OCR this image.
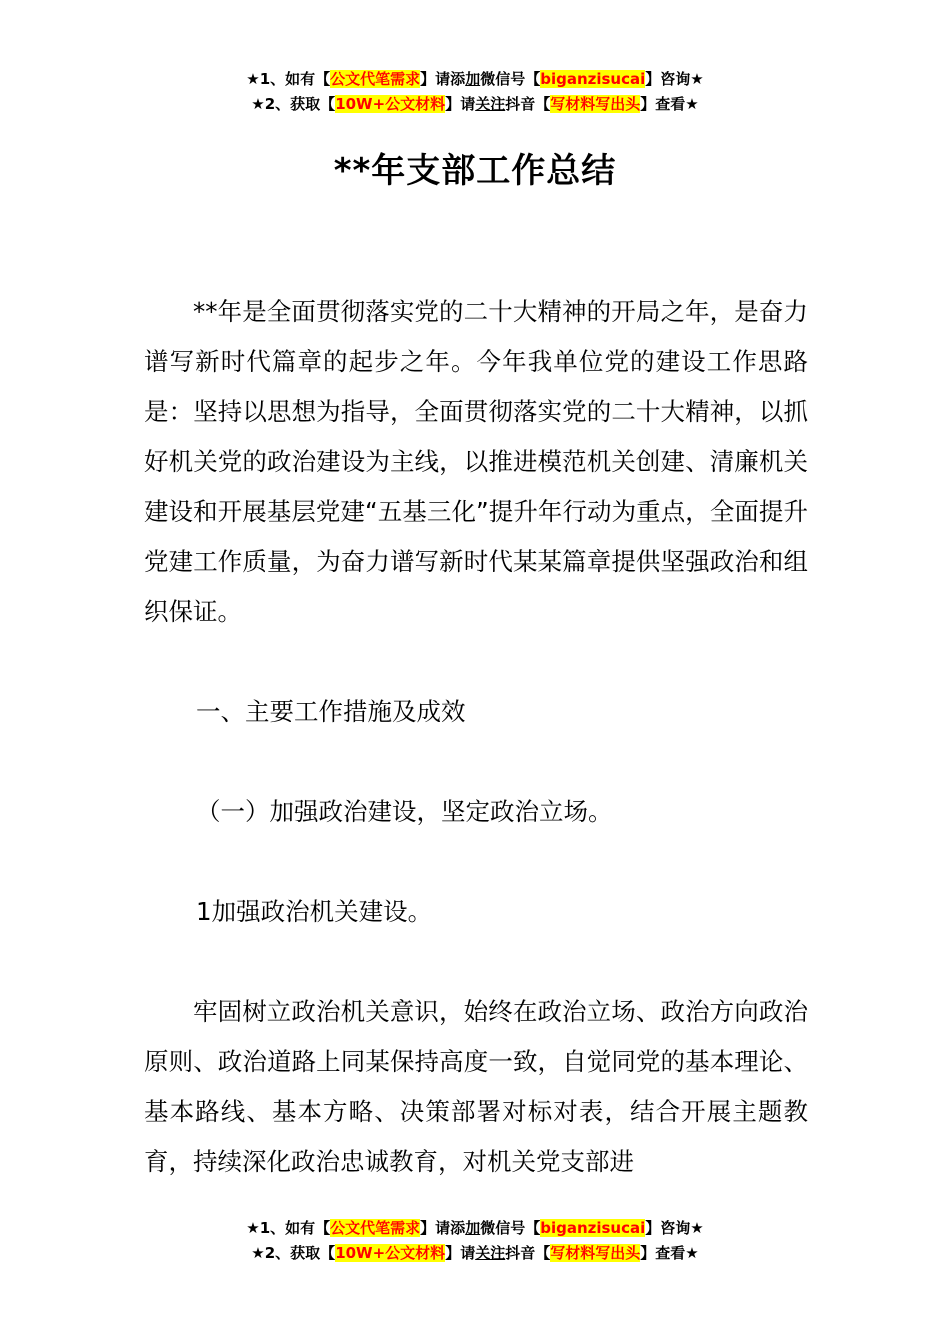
★1、如有【公文代笔需求】请添加微信号【biganzisucai】咨询★
★2、获取【10W+公文材料】请关注抖音【写材料写出头】查看★
**年支部工作总结

**年是全面贯彻落实党的二十大精神的开局之年，是奋力谱写新时代篇章的起步之年。今年我单位党的建设工作思路是：坚持以思想为指导，全面贯彻落实党的二十大精神，以抓好机关党的政治建设为主线，以推进模范机关创建、清廉机关建设和开展基层党建“五基三化”提升年行动为重点，全面提升党建工作质量，为奋力谱写新时代某某篇章提供坚强政治和组织保证。

一、主要工作措施及成效

（一）加强政治建设，坚定政治立场。

1加强政治机关建设。

牢固树立政治机关意识，始终在政治立场、政治方向政治原则、政治道路上同某保持高度一致，自觉同党的基本理论、基本路线、基本方略、决策部署对标对表，结合开展主题教育，持续深化政治忠诚教育，对机关党支部进

★1、如有【公文代笔需求】请添加微信号【biganzisucai】咨询★
★2、获取【10W+公文材料】请关注抖音【写材料写出头】查看★
